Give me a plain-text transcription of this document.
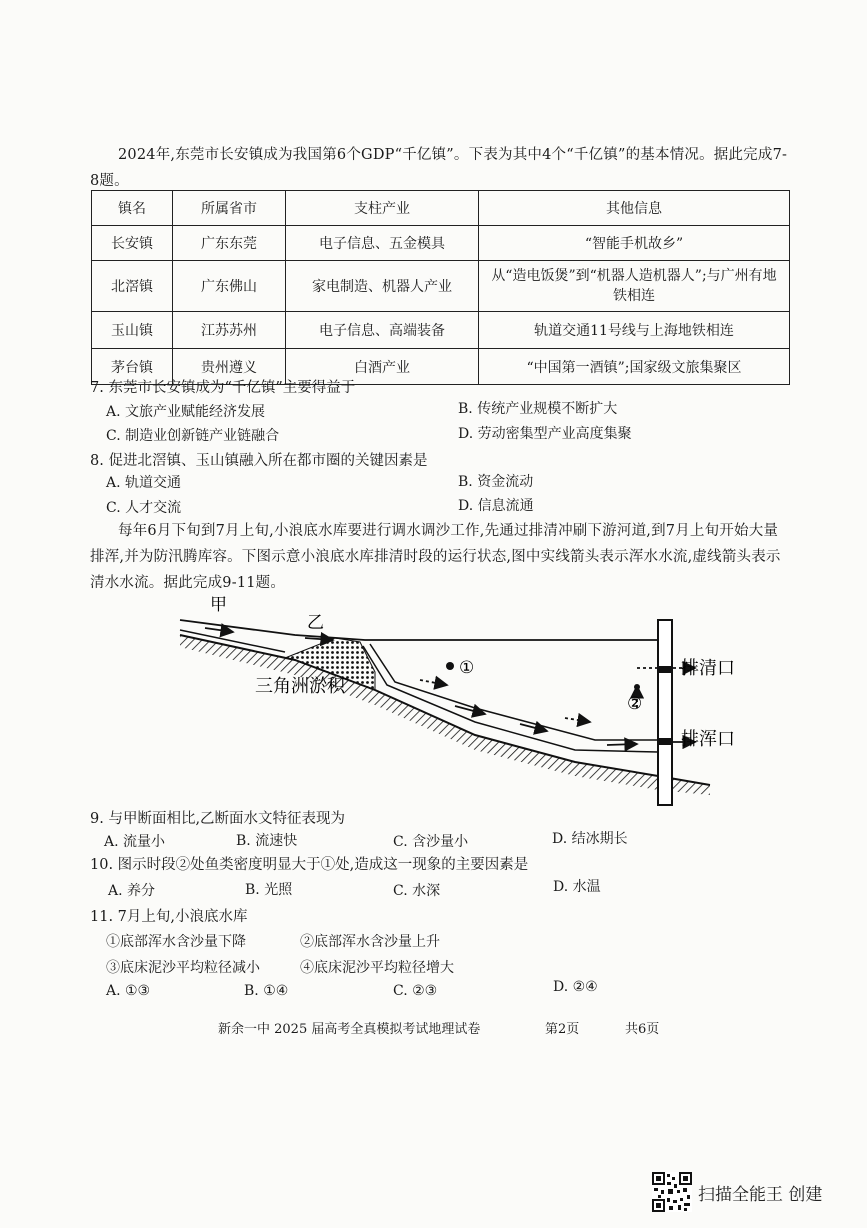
2024年,东莞市长安镇成为我国第6个GDP“千亿镇”。下表为其中4个“千亿镇”的基本情况。据此完成7-8题。
镇名	所属省市	支柱产业	其他信息
长安镇	广东东莞	电子信息、五金模具	“智能手机故乡”
北滘镇	广东佛山	家电制造、机器人产业	从“造电饭煲”到“机器人造机器人”;与广州有地铁相连
玉山镇	江苏苏州	电子信息、高端装备	轨道交通11号线与上海地铁相连
茅台镇	贵州遵义	白酒产业	“中国第一酒镇”;国家级文旅集聚区
7. 东莞市长安镇成为“千亿镇”主要得益于
A. 文旅产业赋能经济发展	B. 传统产业规模不断扩大
C. 制造业创新链产业链融合	D. 劳动密集型产业高度集聚
8. 促进北滘镇、玉山镇融入所在都市圈的关键因素是
A. 轨道交通	B. 资金流动
C. 人才交流	D. 信息流通
每年6月下旬到7月上旬,小浪底水库要进行调水调沙工作,先通过排清冲刷下游河道,到7月上旬开始大量排浑,并为防汛腾库容。下图示意小浪底水库排清时段的运行状态,图中实线箭头表示浑水水流,虚线箭头表示清水水流。据此完成9-11题。
甲
乙
三角洲淤积
①
②
排清口
排浑口
9. 与甲断面相比,乙断面水文特征表现为
A. 流量小	B. 流速快	C. 含沙量小	D. 结冰期长
10. 图示时段②处鱼类密度明显大于①处,造成这一现象的主要因素是
A. 养分	B. 光照	C. 水深	D. 水温
11. 7月上旬,小浪底水库
①底部浑水含沙量下降	②底部浑水含沙量上升
③底床泥沙平均粒径减小	④底床泥沙平均粒径增大
A. ①③	B. ①④	C. ②③	D. ②④
新余一中 2025 届高考全真模拟考试地理试卷	第2页	共6页
扫描全能王 创建
